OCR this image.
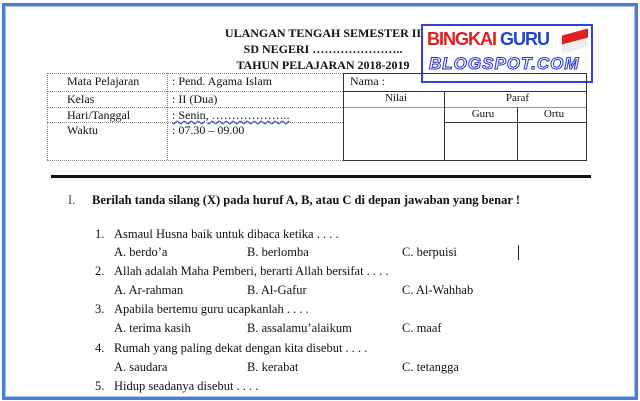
ULANGAN TENGAH SEMESTER II
SD NEGERI …………………..
TAHUN PELAJARAN 2018-2019
BINGKAI GURU
BLOGSPOT.COM
Mata Pelajaran	: Pend. Agama Islam
Kelas	: II (Dua)
Hari/Tanggal	: Senin, ………………..
Waktu	: 07.30 – 09.00
Nama :
Nilai	Paraf
Guru	Ortu
I. Berilah tanda silang (X) pada huruf A, B, atau C di depan jawaban yang benar !
1. Asmaul Husna baik untuk dibaca ketika . . . .
A. berdo’a	B. berlomba	C. berpuisi
2. Allah adalah Maha Pemberi, berarti Allah bersifat . . . .
A. Ar-rahman	B. Al-Gafur	C. Al-Wahhab
3. Apabila bertemu guru ucapkanlah . . . .
A. terima kasih	B. assalamu’alaikum	C. maaf
4. Rumah yang paling dekat dengan kita disebut . . . .
A. saudara	B. kerabat	C. tetangga
5. Hidup seadanya disebut . . . .
